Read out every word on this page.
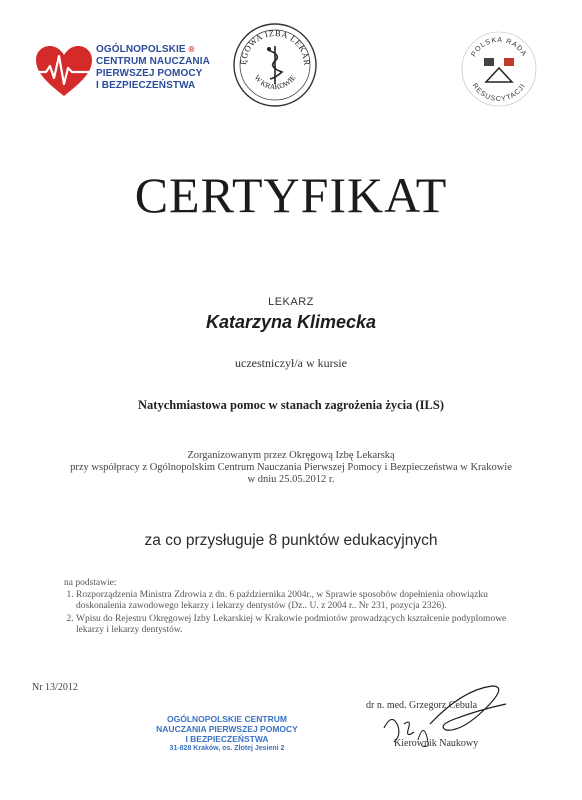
OGÓLNOPOLSKIE ®
CENTRUM NAUCZANIA
PIERWSZEJ POMOCY
I BEZPIECZEŃSTWA
ĘGOWA IZBA LEKAR
W KRAKOWIE
POLSKA RADA
RESUSCYTACJI
CERTYFIKAT
LEKARZ
Katarzyna Klimecka
uczestniczył/a w kursie
Natychmiastowa pomoc w stanach zagrożenia życia (ILS)
Zorganizowanym przez Okręgową Izbę Lekarską
przy współpracy z Ogólnopolskim Centrum Nauczania Pierwszej Pomocy i Bezpieczeństwa w Krakowie
w dniu 25.05.2012 r.
za co przysługuje 8 punktów edukacyjnych
na podstawie:
1. Rozporządzenia Ministra Zdrowia z dn. 6 października 2004r., w Sprawie sposobów dopełnienia obowiązku doskonalenia zawodowego lekarzy i lekarzy dentystów (Dz.. U. z 2004 r.. Nr 231, pozycja 2326).
2. Wpisu do Rejestru Okręgowej Izby Lekarskiej w Krakowie podmiotów prowadzących kształcenie podyplomowe lekarzy i lekarzy dentystów.
Nr 13/2012
OGÓLNOPOLSKIE CENTRUM
NAUCZANIA PIERWSZEJ POMOCY
I BEZPIECZEŃSTWA
31-828 Kraków, os. Złotej Jesieni 2
dr n. med. Grzegorz Cebula
Kierownik Naukowy
